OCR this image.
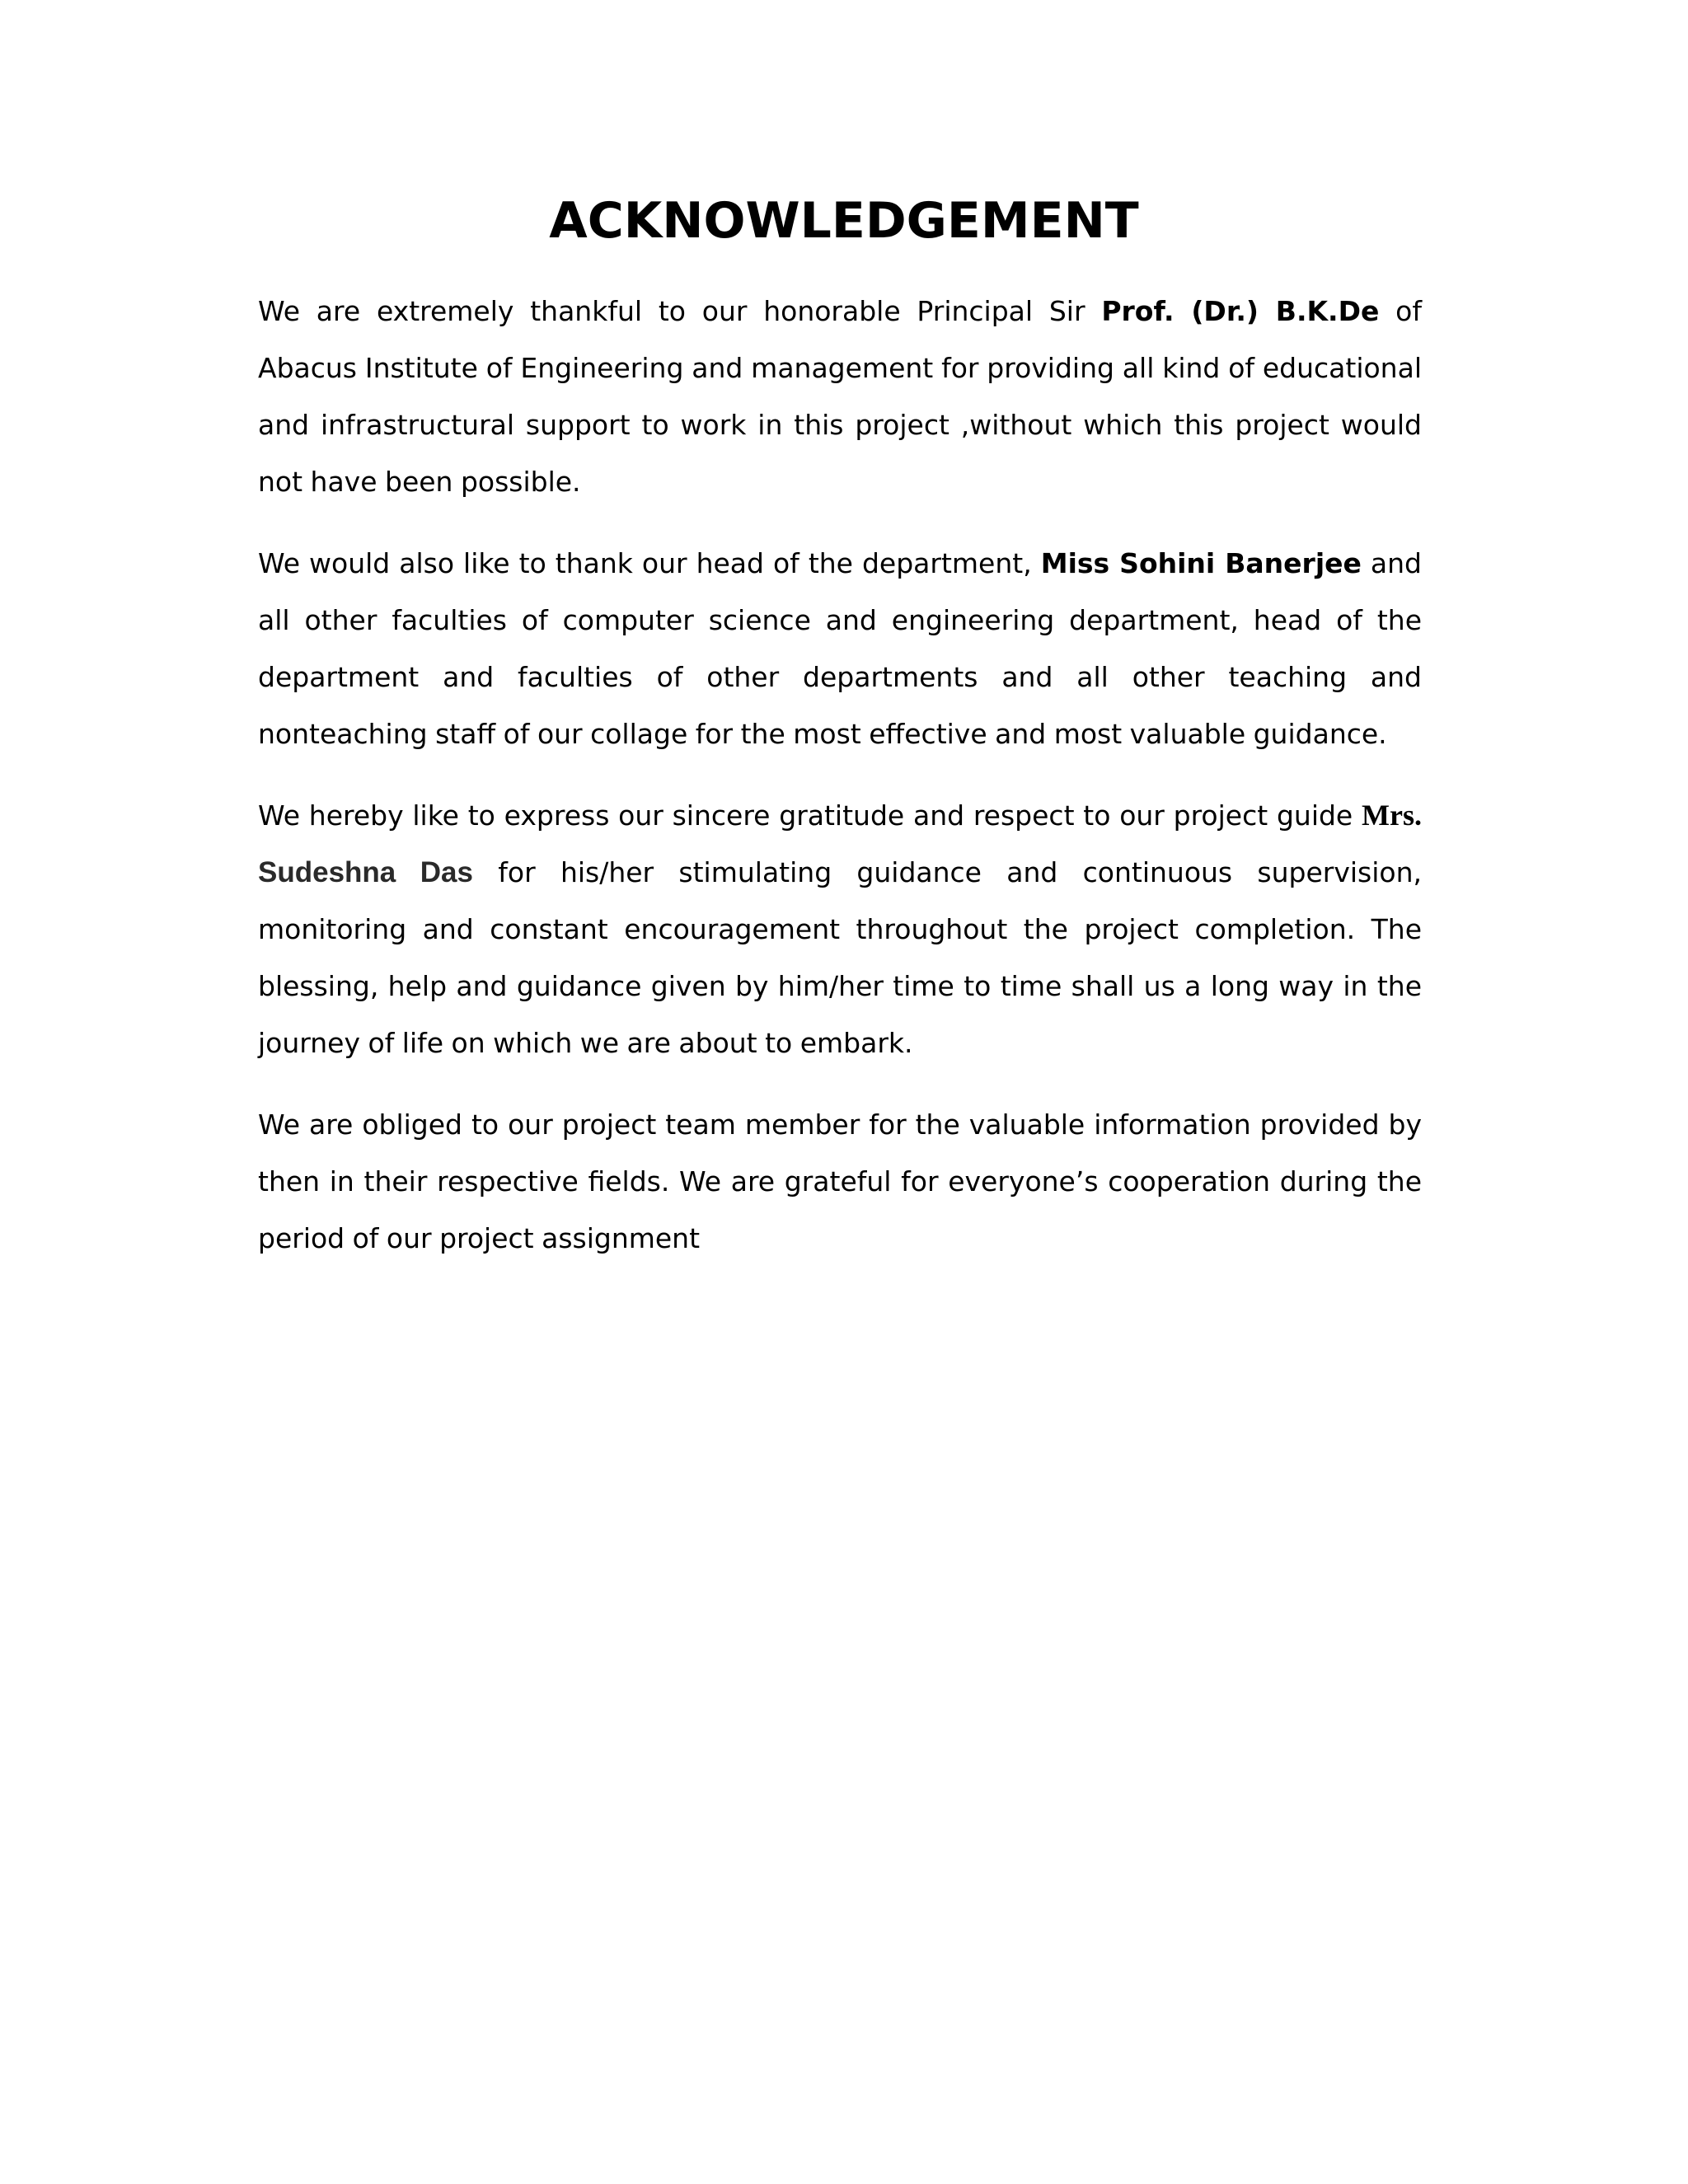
ACKNOWLEDGEMENT

We are extremely thankful to our honorable Principal Sir Prof. (Dr.) B.K.De of Abacus Institute of Engineering and management for providing all kind of educational and infrastructural support to work in this project ,without which this project would not have been possible.

We would also like to thank our head of the department, Miss Sohini Banerjee and all other faculties of computer science and engineering department, head of the department and faculties of other departments and all other teaching and nonteaching staff of our collage for the most effective and most valuable guidance.

We hereby like to express our sincere gratitude and respect to our project guide Mrs. Sudeshna Das for his/her stimulating guidance and continuous supervision, monitoring and constant encouragement throughout the project completion. The blessing, help and guidance given by him/her time to time shall us a long way in the journey of life on which we are about to embark.

We are obliged to our project team member for the valuable information provided by then in their respective fields. We are grateful for everyone’s cooperation during the period of our project assignment
